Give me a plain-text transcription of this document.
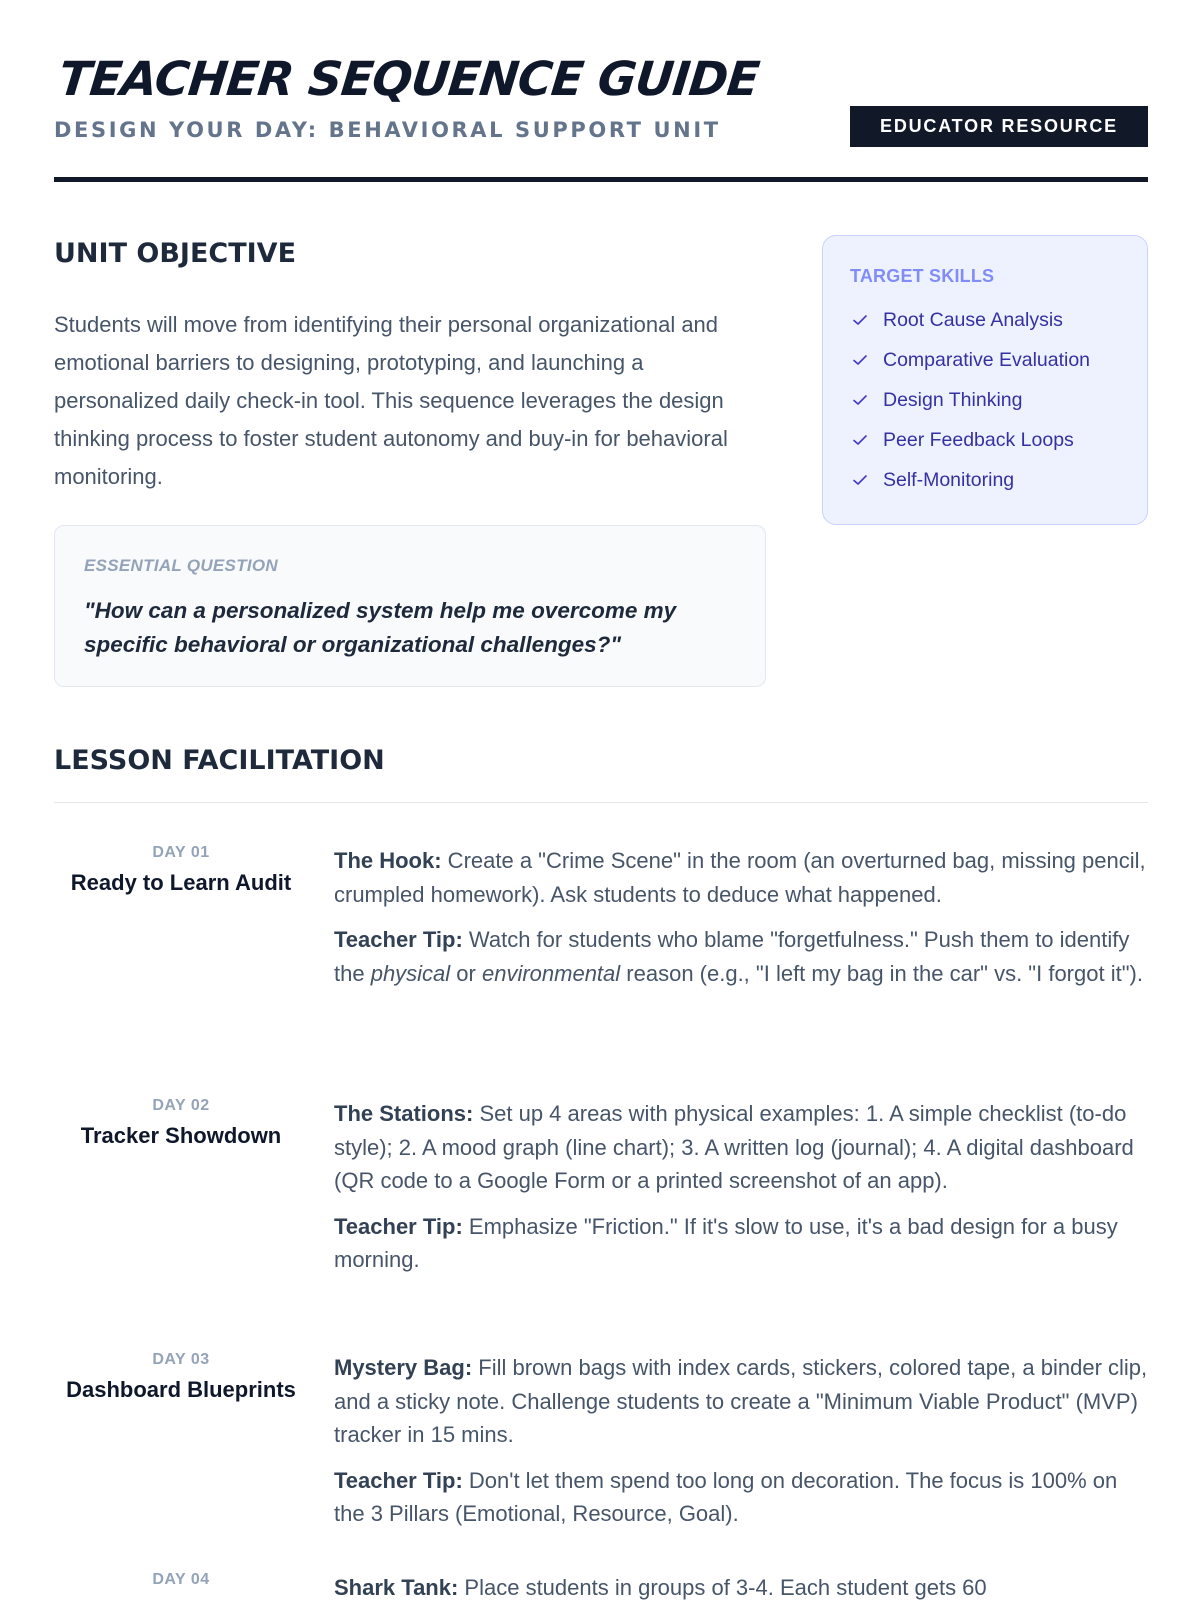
TEACHER SEQUENCE GUIDE
DESIGN YOUR DAY: BEHAVIORAL SUPPORT UNIT	EDUCATOR RESOURCE
UNIT OBJECTIVE

Students will move from identifying their personal organizational and emotional barriers to designing, prototyping, and launching a personalized daily check-in tool. This sequence leverages the design thinking process to foster student autonomy and buy-in for behavioral monitoring.

ESSENTIAL QUESTION

"How can a personalized system help me overcome my specific behavioral or organizational challenges?"

TARGET SKILLS
Root Cause Analysis
Comparative Evaluation
Design Thinking
Peer Feedback Loops
Self-Monitoring
LESSON FACILITATION
DAY 01
Ready to Learn Audit

The Hook: Create a "Crime Scene" in the room (an overturned bag, missing pencil, crumpled homework). Ask students to deduce what happened.

Teacher Tip: Watch for students who blame "forgetfulness." Push them to identify the physical or environmental reason (e.g., "I left my bag in the car" vs. "I forgot it").

DAY 02
Tracker Showdown

The Stations: Set up 4 areas with physical examples: 1. A simple checklist (to-do style); 2. A mood graph (line chart); 3. A written log (journal); 4. A digital dashboard (QR code to a Google Form or a printed screenshot of an app).

Teacher Tip: Emphasize "Friction." If it's slow to use, it's a bad design for a busy morning.

DAY 03
Dashboard Blueprints

Mystery Bag: Fill brown bags with index cards, stickers, colored tape, a binder clip, and a sticky note. Challenge students to create a "Minimum Viable Product" (MVP) tracker in 15 mins.

Teacher Tip: Don't let them spend too long on decoration. The focus is 100% on the 3 Pillars (Emotional, Resource, Goal).

DAY 04	Shark Tank: Place students in groups of 3-4. Each student gets 60
